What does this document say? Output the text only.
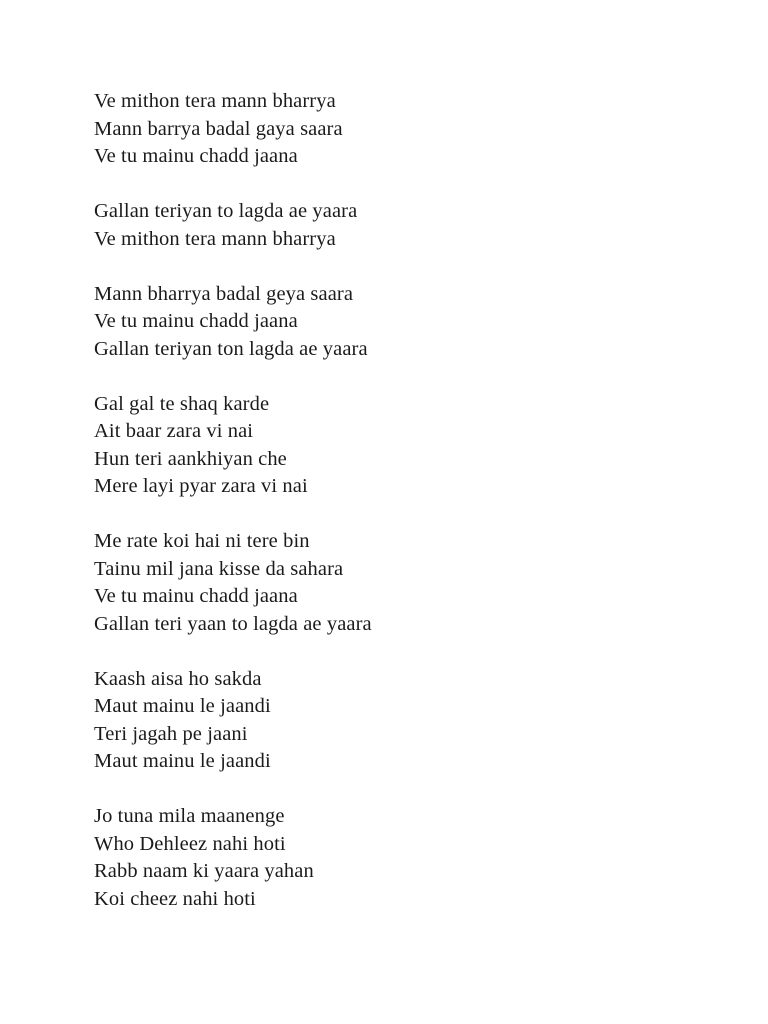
Ve mithon tera mann bharrya
Mann barrya badal gaya saara
Ve tu mainu chadd jaana
Gallan teriyan to lagda ae yaara
Ve mithon tera mann bharrya
Mann bharrya badal geya saara
Ve tu mainu chadd jaana
Gallan teriyan ton lagda ae yaara
Gal gal te shaq karde
Ait baar zara vi nai
Hun teri aankhiyan che
Mere layi pyar zara vi nai
Me rate koi hai ni tere bin
Tainu mil jana kisse da sahara
Ve tu mainu chadd jaana
Gallan teri yaan to lagda ae yaara
Kaash aisa ho sakda
Maut mainu le jaandi
Teri jagah pe jaani
Maut mainu le jaandi
Jo tuna mila maanenge
Who Dehleez nahi hoti
Rabb naam ki yaara yahan
Koi cheez nahi hoti
